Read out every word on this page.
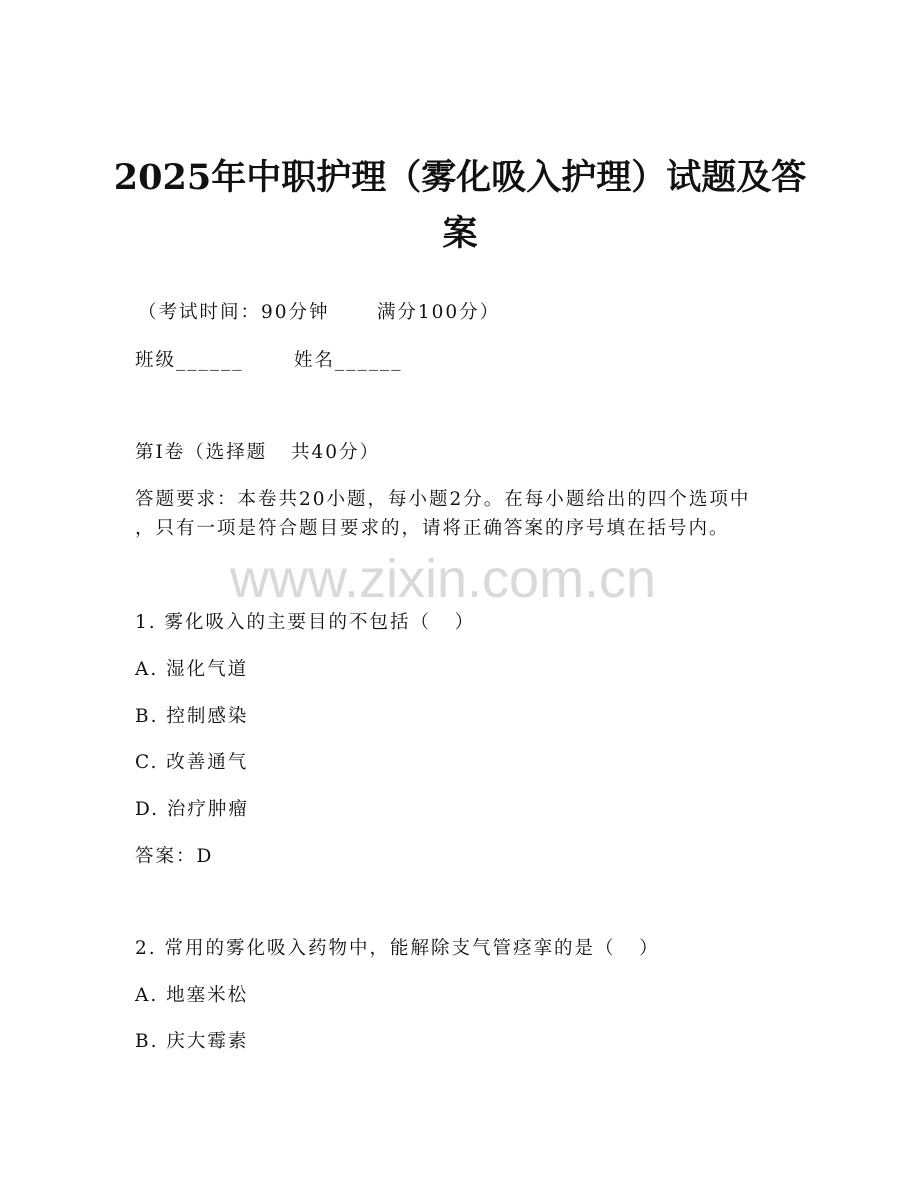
2025年中职护理（雾化吸入护理）试题及答案
（考试时间：90分钟      满分100分）
班级______	姓名______
第I卷（选择题   共40分）
答题要求：本卷共20小题，每小题2分。在每小题给出的四个选项中
，只有一项是符合题目要求的，请将正确答案的序号填在括号内。
www.zixin.com.cn
1. 雾化吸入的主要目的不包括（   ）
A. 湿化气道
B. 控制感染
C. 改善通气
D. 治疗肿瘤
答案：D
2. 常用的雾化吸入药物中，能解除支气管痉挛的是（   ）
A. 地塞米松
B. 庆大霉素
